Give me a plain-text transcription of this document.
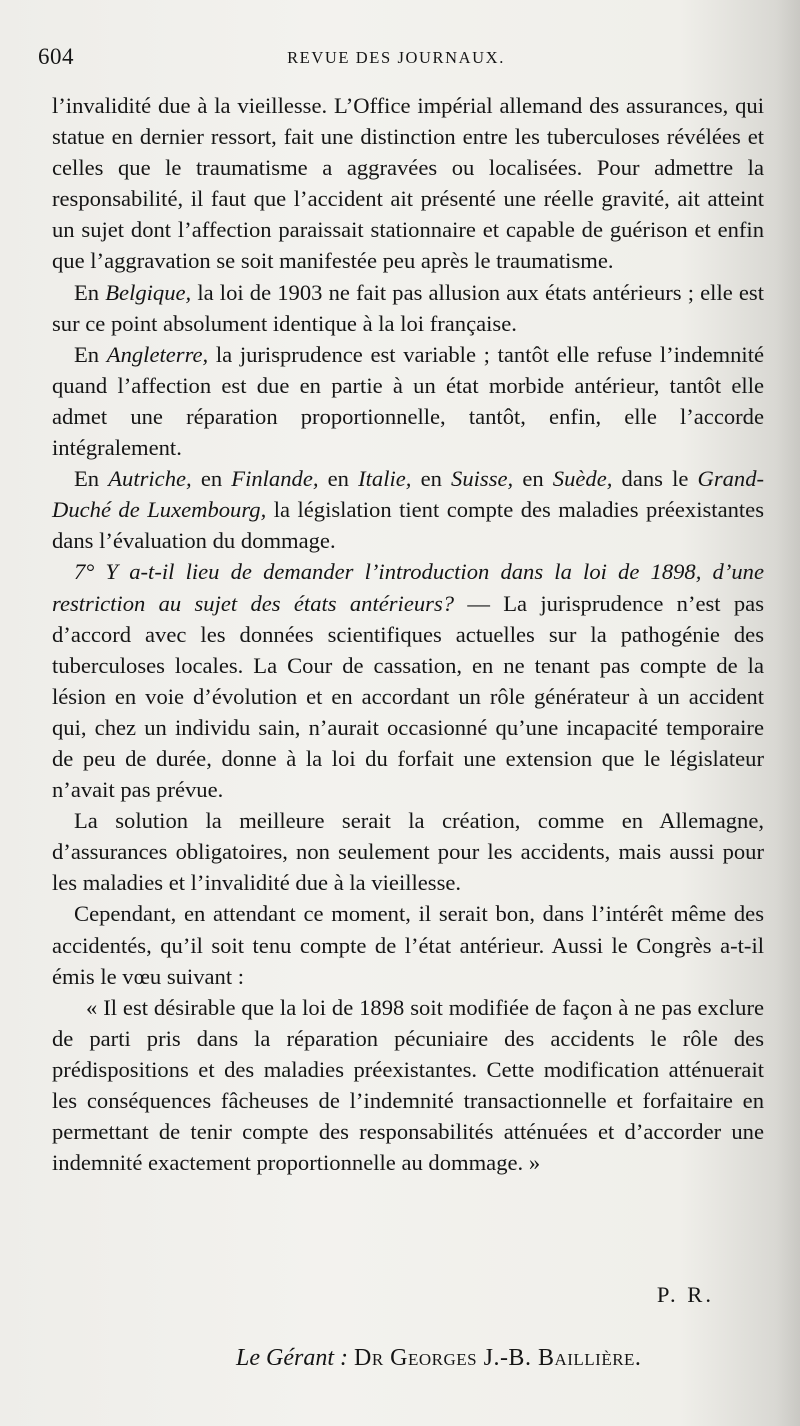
604	REVUE DES JOURNAUX.

l’invalidité due à la vieillesse. L’Office impérial allemand des assurances, qui statue en dernier ressort, fait une distinction entre les tuberculoses révélées et celles que le traumatisme a aggravées ou localisées. Pour admettre la responsabilité, il faut que l’accident ait présenté une réelle gravité, ait atteint un sujet dont l’affection paraissait stationnaire et capable de guérison et enfin que l’aggravation se soit manifestée peu après le traumatisme.

En Belgique, la loi de 1903 ne fait pas allusion aux états antérieurs ; elle est sur ce point absolument identique à la loi française.

En Angleterre, la jurisprudence est variable ; tantôt elle refuse l’indemnité quand l’affection est due en partie à un état morbide antérieur, tantôt elle admet une réparation proportionnelle, tantôt, enfin, elle l’accorde intégralement.

En Autriche, en Finlande, en Italie, en Suisse, en Suède, dans le Grand-Duché de Luxembourg, la législation tient compte des maladies préexistantes dans l’évaluation du dommage.

7° Y a-t-il lieu de demander l’introduction dans la loi de 1898, d’une restriction au sujet des états antérieurs? — La jurisprudence n’est pas d’accord avec les données scientifiques actuelles sur la pathogénie des tuberculoses locales. La Cour de cassation, en ne tenant pas compte de la lésion en voie d’évolution et en accordant un rôle générateur à un accident qui, chez un individu sain, n’aurait occasionné qu’une incapacité temporaire de peu de durée, donne à la loi du forfait une extension que le législateur n’avait pas prévue.

La solution la meilleure serait la création, comme en Allemagne, d’assurances obligatoires, non seulement pour les accidents, mais aussi pour les maladies et l’invalidité due à la vieillesse.

Cependant, en attendant ce moment, il serait bon, dans l’intérêt même des accidentés, qu’il soit tenu compte de l’état antérieur. Aussi le Congrès a-t-il émis le vœu suivant :

« Il est désirable que la loi de 1898 soit modifiée de façon à ne pas exclure de parti pris dans la réparation pécuniaire des accidents le rôle des prédispositions et des maladies préexistantes. Cette modification atténuerait les conséquences fâcheuses de l’indemnité transactionnelle et forfaitaire en permettant de tenir compte des responsabilités atténuées et d’accorder une indemnité exactement proportionnelle au dommage. »

P. R.
Le Gérant : Dr Georges J.-B. Baillière.
